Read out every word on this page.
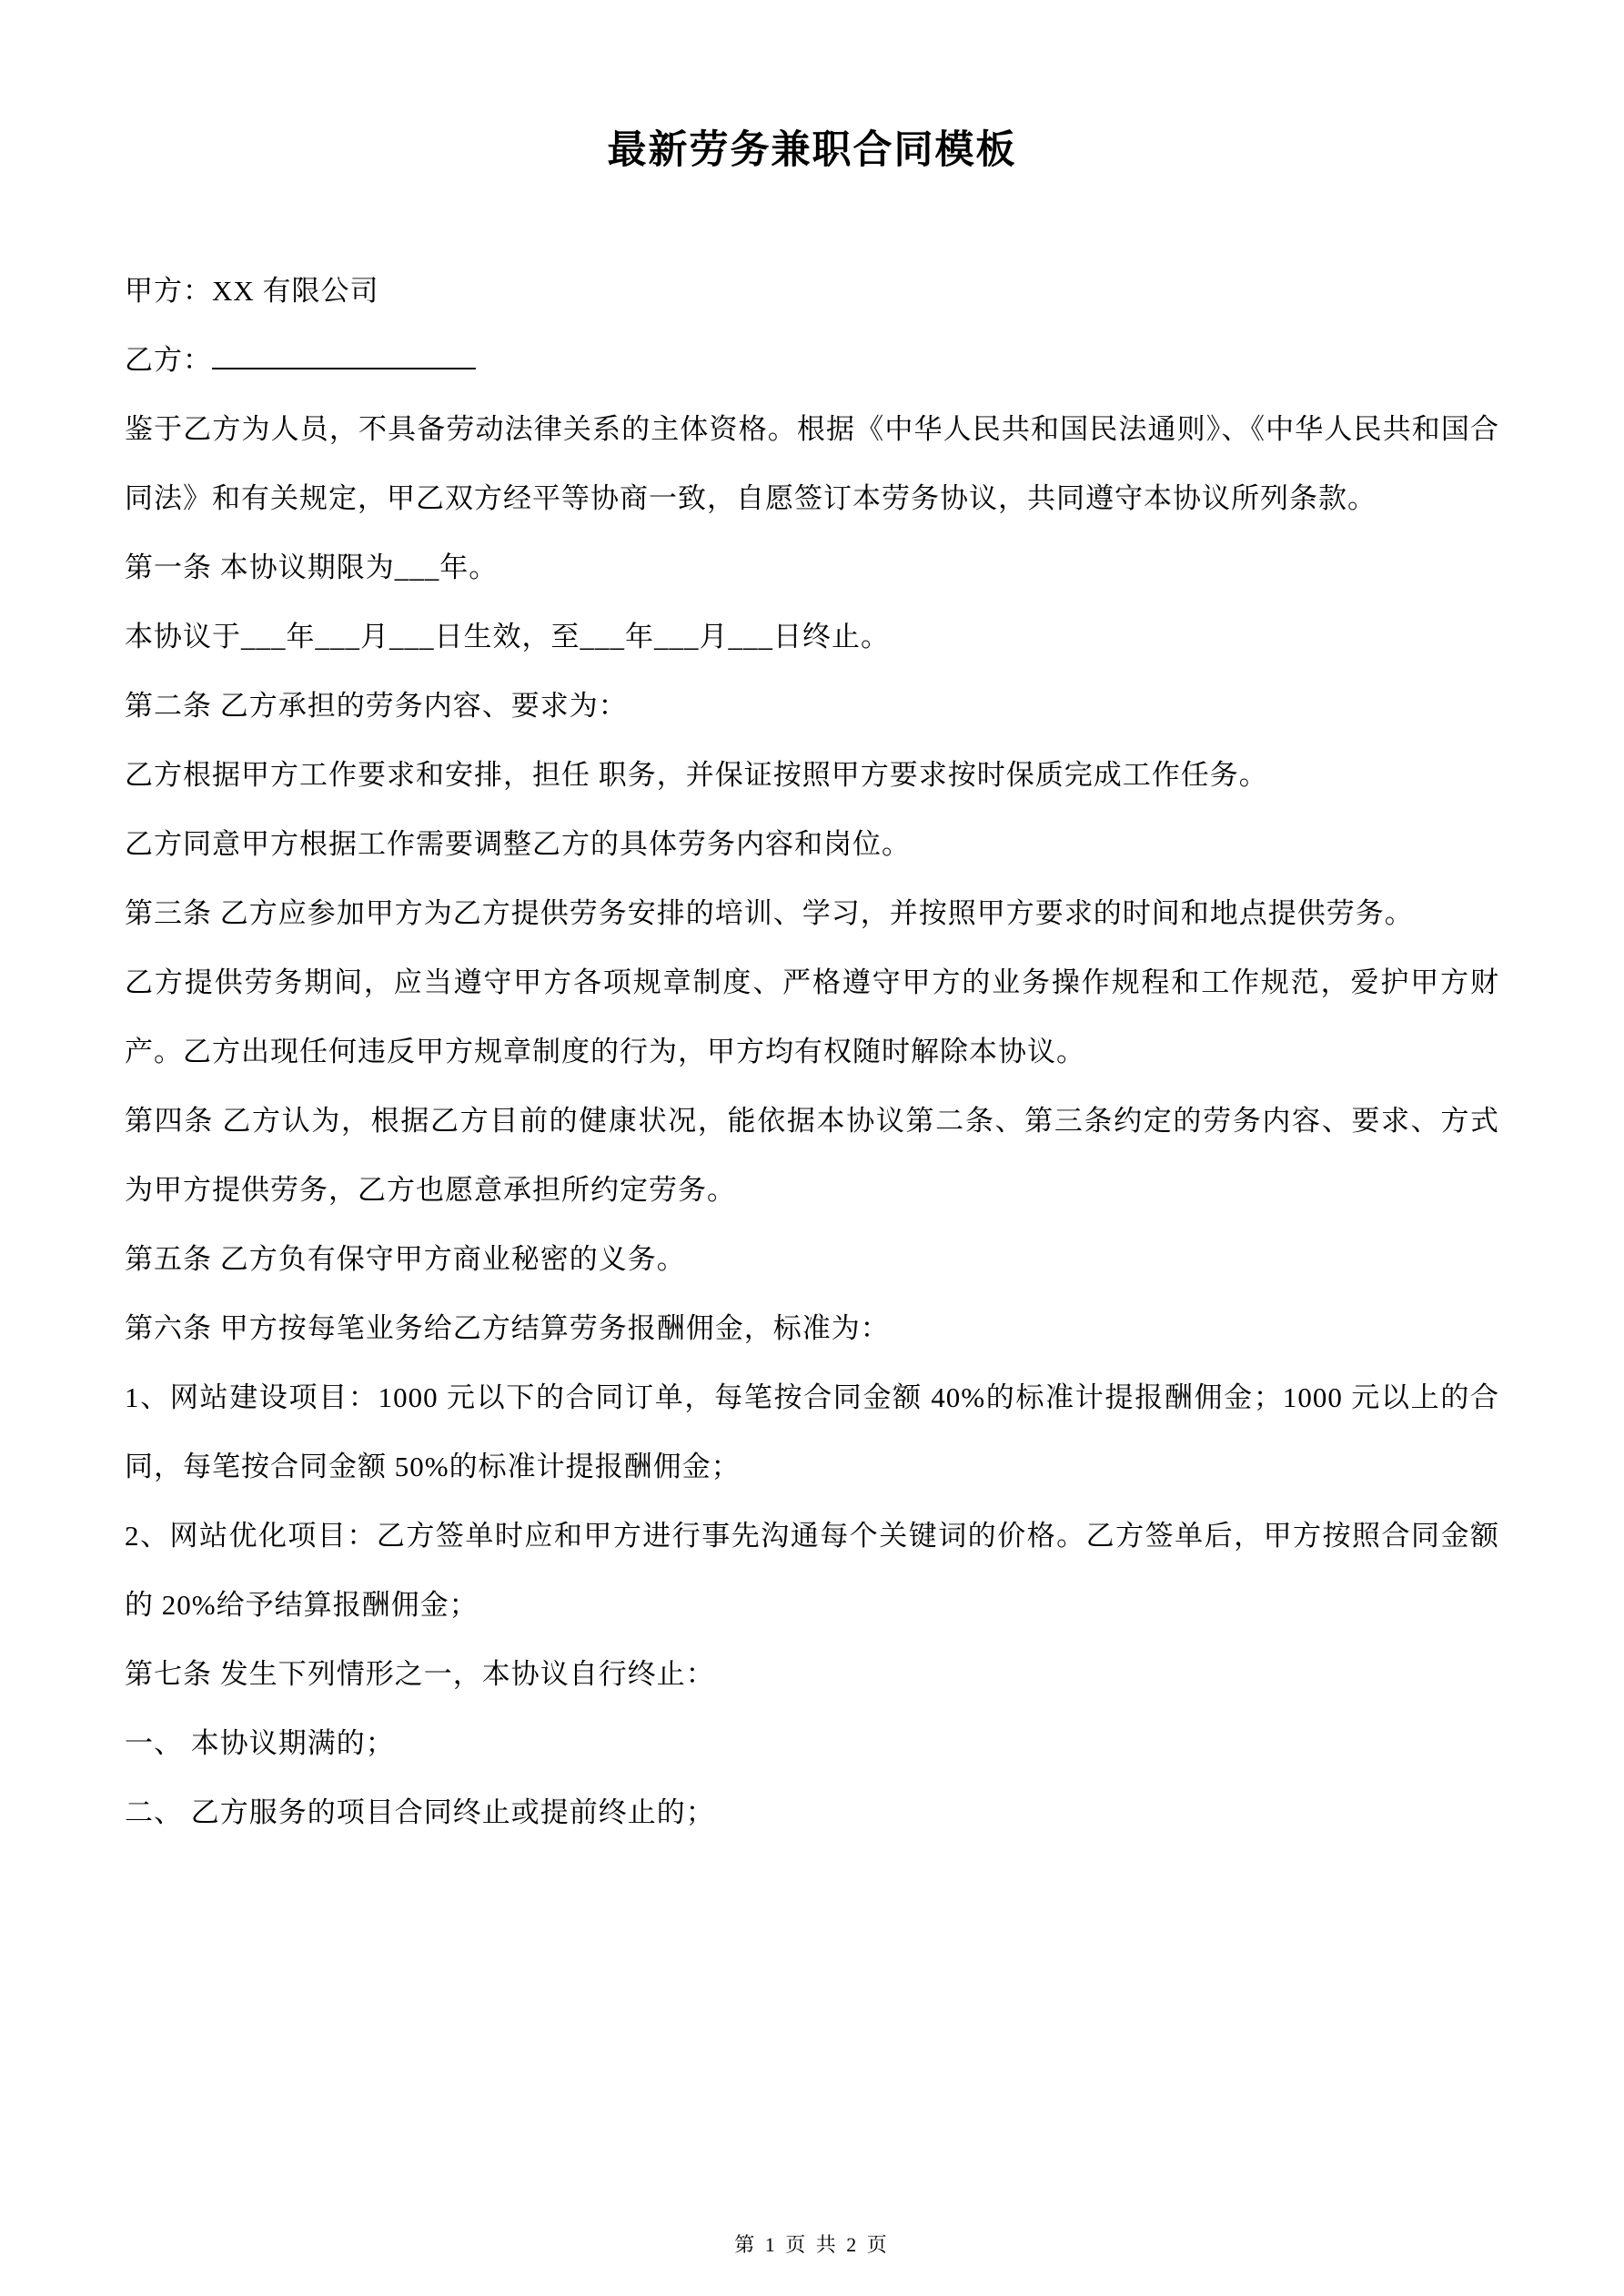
最新劳务兼职合同模板

甲方：XX 有限公司

乙方：

鉴于乙方为人员，不具备劳动法律关系的主体资格。根据《中华人民共和国民法通则》、《中华人民共和国合同法》和有关规定，甲乙双方经平等协商一致，自愿签订本劳务协议，共同遵守本协议所列条款。

第一条 本协议期限为___年。

本协议于___年___月___日生效，至___年___月___日终止。

第二条 乙方承担的劳务内容、要求为：

乙方根据甲方工作要求和安排，担任 职务，并保证按照甲方要求按时保质完成工作任务。

乙方同意甲方根据工作需要调整乙方的具体劳务内容和岗位。

第三条 乙方应参加甲方为乙方提供劳务安排的培训、学习，并按照甲方要求的时间和地点提供劳务。

乙方提供劳务期间，应当遵守甲方各项规章制度、严格遵守甲方的业务操作规程和工作规范，爱护甲方财产。乙方出现任何违反甲方规章制度的行为，甲方均有权随时解除本协议。

第四条 乙方认为，根据乙方目前的健康状况，能依据本协议第二条、第三条约定的劳务内容、要求、方式为甲方提供劳务，乙方也愿意承担所约定劳务。

第五条 乙方负有保守甲方商业秘密的义务。

第六条 甲方按每笔业务给乙方结算劳务报酬佣金，标准为：

1、网站建设项目：1000 元以下的合同订单，每笔按合同金额 40%的标准计提报酬佣金；1000 元以上的合同，每笔按合同金额 50%的标准计提报酬佣金；

2、网站优化项目：乙方签单时应和甲方进行事先沟通每个关键词的价格。乙方签单后，甲方按照合同金额的 20%给予结算报酬佣金；

第七条 发生下列情形之一，本协议自行终止：

一、 本协议期满的；

二、 乙方服务的项目合同终止或提前终止的；

第 1 页 共 2 页
